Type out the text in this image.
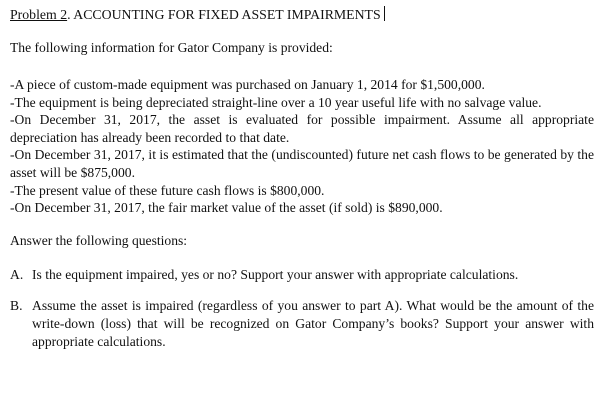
Problem 2. ACCOUNTING FOR FIXED ASSET IMPAIRMENTS

The following information for Gator Company is provided:

-A piece of custom-made equipment was purchased on January 1, 2014 for $1,500,000.
-The equipment is being depreciated straight-line over a 10 year useful life with no salvage value.
-On December 31, 2017, the asset is evaluated for possible impairment. Assume all appropriate depreciation has already been recorded to that date.
-On December 31, 2017, it is estimated that the (undiscounted) future net cash flows to be generated by the asset will be $875,000.
-The present value of these future cash flows is $800,000.
-On December 31, 2017, the fair market value of the asset (if sold) is $890,000.

Answer the following questions:

A. Is the equipment impaired, yes or no? Support your answer with appropriate calculations.
B. Assume the asset is impaired (regardless of you answer to part A). What would be the amount of the write-down (loss) that will be recognized on Gator Company’s books? Support your answer with appropriate calculations.
